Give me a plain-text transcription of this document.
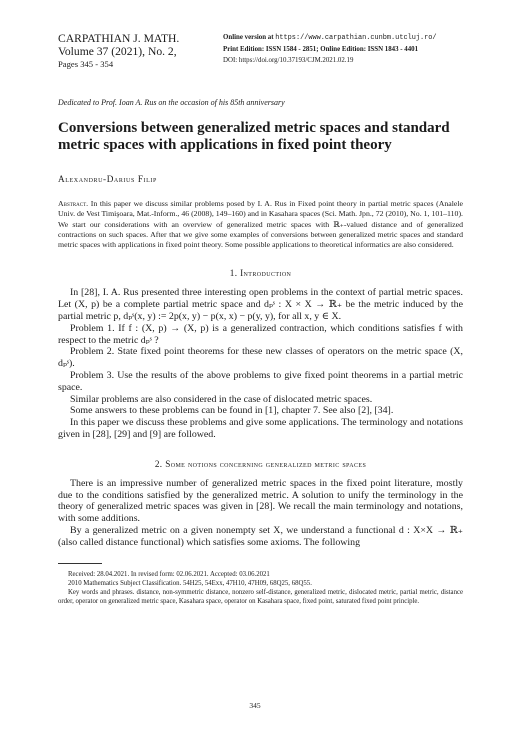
CARPATHIAN J. MATH.
Volume 37 (2021), No. 2,
Pages 345 - 354
Online version at https://www.carpathian.cunbm.utcluj.ro/
Print Edition: ISSN 1584 - 2851; Online Edition: ISSN 1843 - 4401
DOI: https://doi.org/10.37193/CJM.2021.02.19
Dedicated to Prof. Ioan A. Rus on the occasion of his 85th anniversary
Conversions between generalized metric spaces and standard metric spaces with applications in fixed point theory
Alexandru-Darius Filip
Abstract. In this paper we discuss similar problems posed by I. A. Rus in Fixed point theory in partial metric spaces (Analele Univ. de Vest Timişoara, Mat.-Inform., 46 (2008), 149–160) and in Kasahara spaces (Sci. Math. Jpn., 72 (2010), No. 1, 101–110). We start our considerations with an overview of generalized metric spaces with ℝ₊-valued distance and of generalized contractions on such spaces. After that we give some examples of conversions between generalized metric spaces and standard metric spaces with applications in fixed point theory. Some possible applications to theoretical informatics are also considered.
1. Introduction

In [28], I. A. Rus presented three interesting open problems in the context of partial metric spaces. Let (X, p) be a complete partial metric space and dₚˢ : X × X → ℝ₊ be the metric induced by the partial metric p, dₚˢ(x, y) := 2p(x, y) − p(x, x) − p(y, y), for all x, y ∈ X.

Problem 1. If f : (X, p) → (X, p) is a generalized contraction, which conditions satisfies f with respect to the metric dₚˢ ?

Problem 2. State fixed point theorems for these new classes of operators on the metric space (X, dₚˢ).

Problem 3. Use the results of the above problems to give fixed point theorems in a partial metric space.

Similar problems are also considered in the case of dislocated metric spaces.

Some answers to these problems can be found in [1], chapter 7. See also [2], [34].

In this paper we discuss these problems and give some applications. The terminology and notations given in [28], [29] and [9] are followed.

2. Some notions concerning generalized metric spaces

There is an impressive number of generalized metric spaces in the fixed point literature, mostly due to the conditions satisfied by the generalized metric. A solution to unify the terminology in the theory of generalized metric spaces was given in [28]. We recall the main terminology and notations, with some additions.

By a generalized metric on a given nonempty set X, we understand a functional d : X×X → ℝ₊ (also called distance functional) which satisfies some axioms. The following

Received: 28.04.2021. In revised form: 02.06.2021. Accepted: 03.06.2021
2010 Mathematics Subject Classification. 54H25, 54Exx, 47H10, 47H09, 68Q25, 68Q55.
Key words and phrases. distance, non-symmetric distance, nonzero self-distance, generalized metric, dislocated metric, partial metric, distance order, operator on generalized metric space, Kasahara space, operator on Kasahara space, fixed point, saturated fixed point principle.
345
